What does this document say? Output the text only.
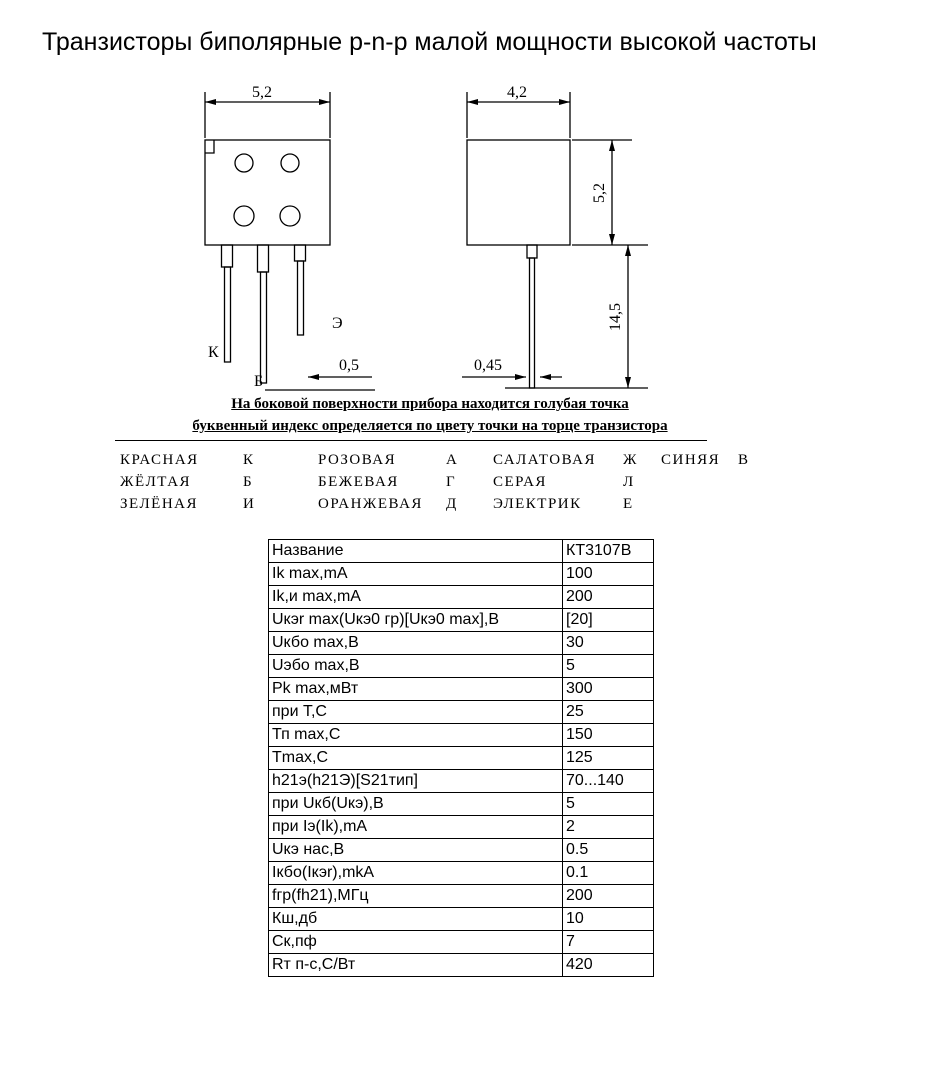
Транзисторы биполярные p-n-p малой мощности высокой частоты
5,2	4,2
К
Б
Э
0,5	0,45
5,2
14,5
На боковой поверхности прибора находится голубая точка
буквенный индекс определяется по цвету точки на торце транзистора
КРАСНАЯ	К	РОЗОВАЯ	А	САЛАТОВАЯ	Ж	СИНЯЯ	В
ЖЁЛТАЯ	Б	БЕЖЕВАЯ	Г	СЕРАЯ	Л		
ЗЕЛЁНАЯ	И	ОРАНЖЕВАЯ	Д	ЭЛЕКТРИК	Е		
Название	КТ3107В
Ik max,mA	100
Ik,и max,mA	200
Uкэr max(Uкэ0 гр)[Uкэ0 max],В	[20]
Uкбо max,В	30
Uэбо max,В	5
Pk max,мВт	300
при Т,С	25
Тп max,С	150
Tmax,С	125
h21э(h21Э)[S21тип]	70...140
при Uкб(Uкэ),В	5
при Iэ(Ik),mA	2
Uкэ нас,В	0.5
Iкбо(Iкэr),mkA	0.1
fгр(fh21),МГц	200
Кш,дб	10
Ск,пф	7
Rт п-с,С/Вт	420
